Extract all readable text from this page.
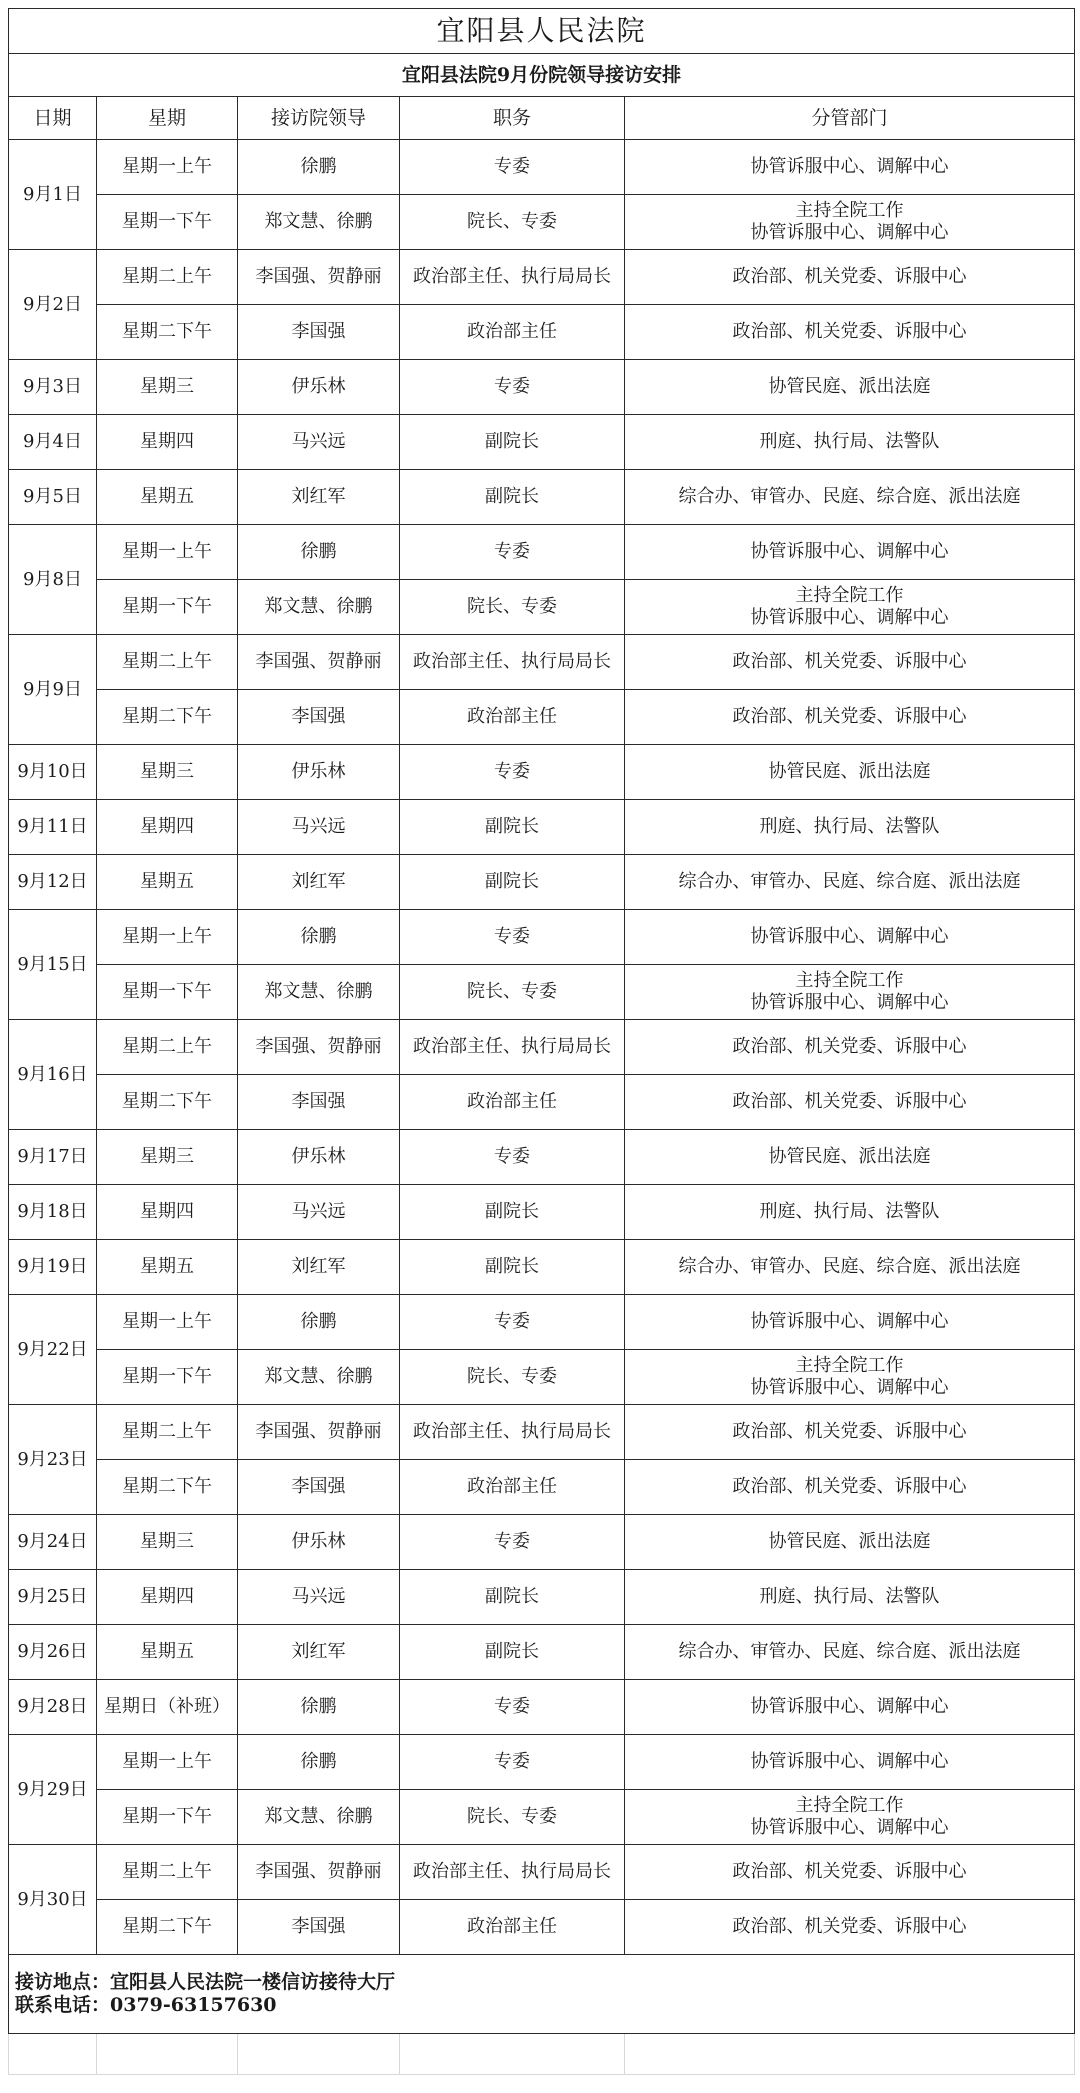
宜阳县人民法院				
宜阳县法院9月份院领导接访安排				
日期	星期	接访院领导	职务	分管部门
9月1日	星期一上午	徐鹏	专委	协管诉服中心、调解中心

	星期一下午	郑文慧、徐鹏	院长、专委	主持全院工作
协管诉服中心、调解中心

9月2日	星期二上午	李国强、贺静丽	政治部主任、执行局局长	政治部、机关党委、诉服中心

	星期二下午	李国强	政治部主任	政治部、机关党委、诉服中心

9月3日	星期三	伊乐林	专委	协管民庭、派出法庭

9月4日	星期四	马兴远	副院长	刑庭、执行局、法警队

9月5日	星期五	刘红军	副院长	综合办、审管办、民庭、综合庭、派出法庭

9月8日	星期一上午	徐鹏	专委	协管诉服中心、调解中心

	星期一下午	郑文慧、徐鹏	院长、专委	主持全院工作
协管诉服中心、调解中心

9月9日	星期二上午	李国强、贺静丽	政治部主任、执行局局长	政治部、机关党委、诉服中心

	星期二下午	李国强	政治部主任	政治部、机关党委、诉服中心

9月10日	星期三	伊乐林	专委	协管民庭、派出法庭

9月11日	星期四	马兴远	副院长	刑庭、执行局、法警队

9月12日	星期五	刘红军	副院长	综合办、审管办、民庭、综合庭、派出法庭

9月15日	星期一上午	徐鹏	专委	协管诉服中心、调解中心

	星期一下午	郑文慧、徐鹏	院长、专委	主持全院工作
协管诉服中心、调解中心

9月16日	星期二上午	李国强、贺静丽	政治部主任、执行局局长	政治部、机关党委、诉服中心

	星期二下午	李国强	政治部主任	政治部、机关党委、诉服中心

9月17日	星期三	伊乐林	专委	协管民庭、派出法庭

9月18日	星期四	马兴远	副院长	刑庭、执行局、法警队

9月19日	星期五	刘红军	副院长	综合办、审管办、民庭、综合庭、派出法庭

9月22日	星期一上午	徐鹏	专委	协管诉服中心、调解中心

	星期一下午	郑文慧、徐鹏	院长、专委	主持全院工作
协管诉服中心、调解中心

9月23日	星期二上午	李国强、贺静丽	政治部主任、执行局局长	政治部、机关党委、诉服中心

	星期二下午	李国强	政治部主任	政治部、机关党委、诉服中心

9月24日	星期三	伊乐林	专委	协管民庭、派出法庭

9月25日	星期四	马兴远	副院长	刑庭、执行局、法警队

9月26日	星期五	刘红军	副院长	综合办、审管办、民庭、综合庭、派出法庭

9月28日	星期日（补班）	徐鹏	专委	协管诉服中心、调解中心

9月29日	星期一上午	徐鹏	专委	协管诉服中心、调解中心

	星期一下午	郑文慧、徐鹏	院长、专委	主持全院工作
协管诉服中心、调解中心

9月30日	星期二上午	李国强、贺静丽	政治部主任、执行局局长	政治部、机关党委、诉服中心

	星期二下午	李国强	政治部主任	政治部、机关党委、诉服中心

接访地点：宜阳县人民法院一楼信访接待大厅
联系电话：0379-63157630				
